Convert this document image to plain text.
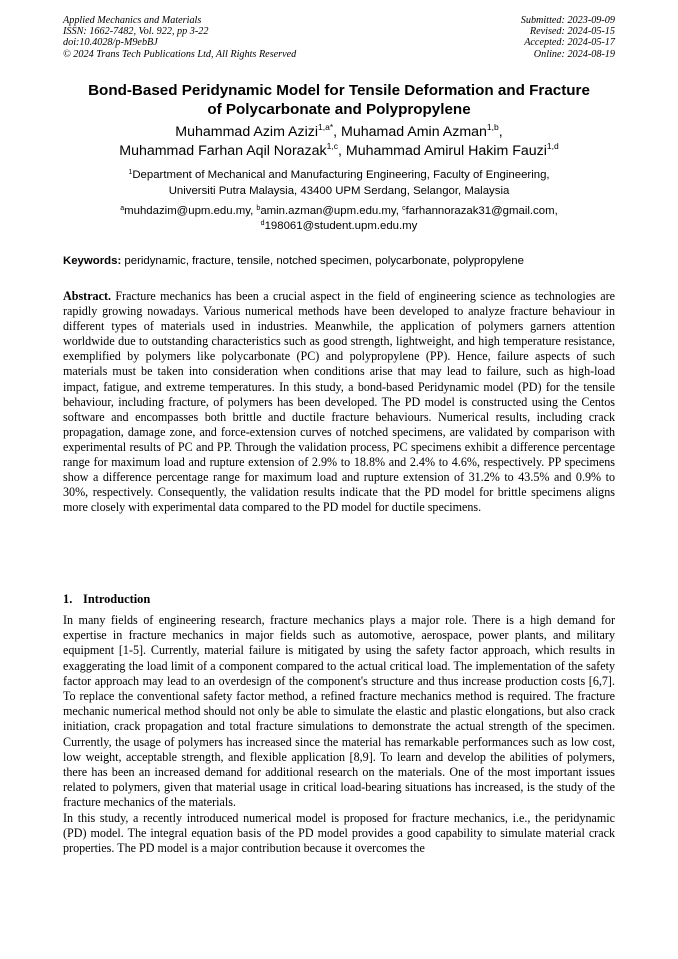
Applied Mechanics and Materials
ISSN: 1662-7482, Vol. 922, pp 3-22
doi:10.4028/p-M9ebBJ
© 2024 Trans Tech Publications Ltd, All Rights Reserved
Submitted: 2023-09-09
Revised: 2024-05-15
Accepted: 2024-05-17
Online: 2024-08-19
Bond-Based Peridynamic Model for Tensile Deformation and Fracture
of Polycarbonate and Polypropylene
Muhammad Azim Azizi$^{1,a*}$, Muhamad Amin Azman$^{1,b}$,
Muhammad Farhan Aqil Norazak$^{1,c}$, Muhammad Amirul Hakim Fauzi$^{1,d}$
$^1$Department of Mechanical and Manufacturing Engineering, Faculty of Engineering,
Universiti Putra Malaysia, 43400 UPM Serdang, Selangor, Malaysia
$^a$muhdazim@upm.edu.my, $^b$amin.azman@upm.edu.my, $^c$farhannorazak31@gmail.com,
$^d$198061@student.upm.edu.my
Keywords: peridynamic, fracture, tensile, notched specimen, polycarbonate, polypropylene
Abstract. Fracture mechanics has been a crucial aspect in the field of engineering science as technologies are rapidly growing nowadays. Various numerical methods have been developed to analyze fracture behaviour in different types of materials used in industries. Meanwhile, the application of polymers garners attention worldwide due to outstanding characteristics such as good strength, lightweight, and high temperature resistance, exemplified by polymers like polycarbonate (PC) and polypropylene (PP). Hence, failure aspects of such materials must be taken into consideration when conditions arise that may lead to failure, such as high-load impact, fatigue, and extreme temperatures. In this study, a bond-based Peridynamic model (PD) for the tensile behaviour, including fracture, of polymers has been developed. The PD model is constructed using the Centos software and encompasses both brittle and ductile fracture behaviours. Numerical results, including crack propagation, damage zone, and force-extension curves of notched specimens, are validated by comparison with experimental results of PC and PP. Through the validation process, PC specimens exhibit a difference percentage range for maximum load and rupture extension of 2.9% to 18.8% and 2.4% to 4.6%, respectively. PP specimens show a difference percentage range for maximum load and rupture extension of 31.2% to 43.5% and 0.9% to 30%, respectively. Consequently, the validation results indicate that the PD model for brittle specimens aligns more closely with experimental data compared to the PD model for ductile specimens.
1. Introduction

In many fields of engineering research, fracture mechanics plays a major role. There is a high demand for expertise in fracture mechanics in major fields such as automotive, aerospace, power plants, and military equipment [1-5]. Currently, material failure is mitigated by using the safety factor approach, which results in exaggerating the load limit of a component compared to the actual critical load. The implementation of the safety factor approach may lead to an overdesign of the component's structure and thus increase production costs [6,7]. To replace the conventional safety factor method, a refined fracture mechanics method is required. The fracture mechanic numerical method should not only be able to simulate the elastic and plastic elongations, but also crack initiation, crack propagation and total fracture simulations to demonstrate the actual strength of the specimen. Currently, the usage of polymers has increased since the material has remarkable performances such as low cost, low weight, acceptable strength, and flexible application [8,9]. To learn and develop the abilities of polymers, there has been an increased demand for additional research on the materials. One of the most important issues related to polymers, given that material usage in critical load-bearing situations has increased, is the study of the fracture mechanics of the materials.

In this study, a recently introduced numerical model is proposed for fracture mechanics, i.e., the peridynamic (PD) model. The integral equation basis of the PD model provides a good capability to simulate material crack properties. The PD model is a major contribution because it overcomes the
